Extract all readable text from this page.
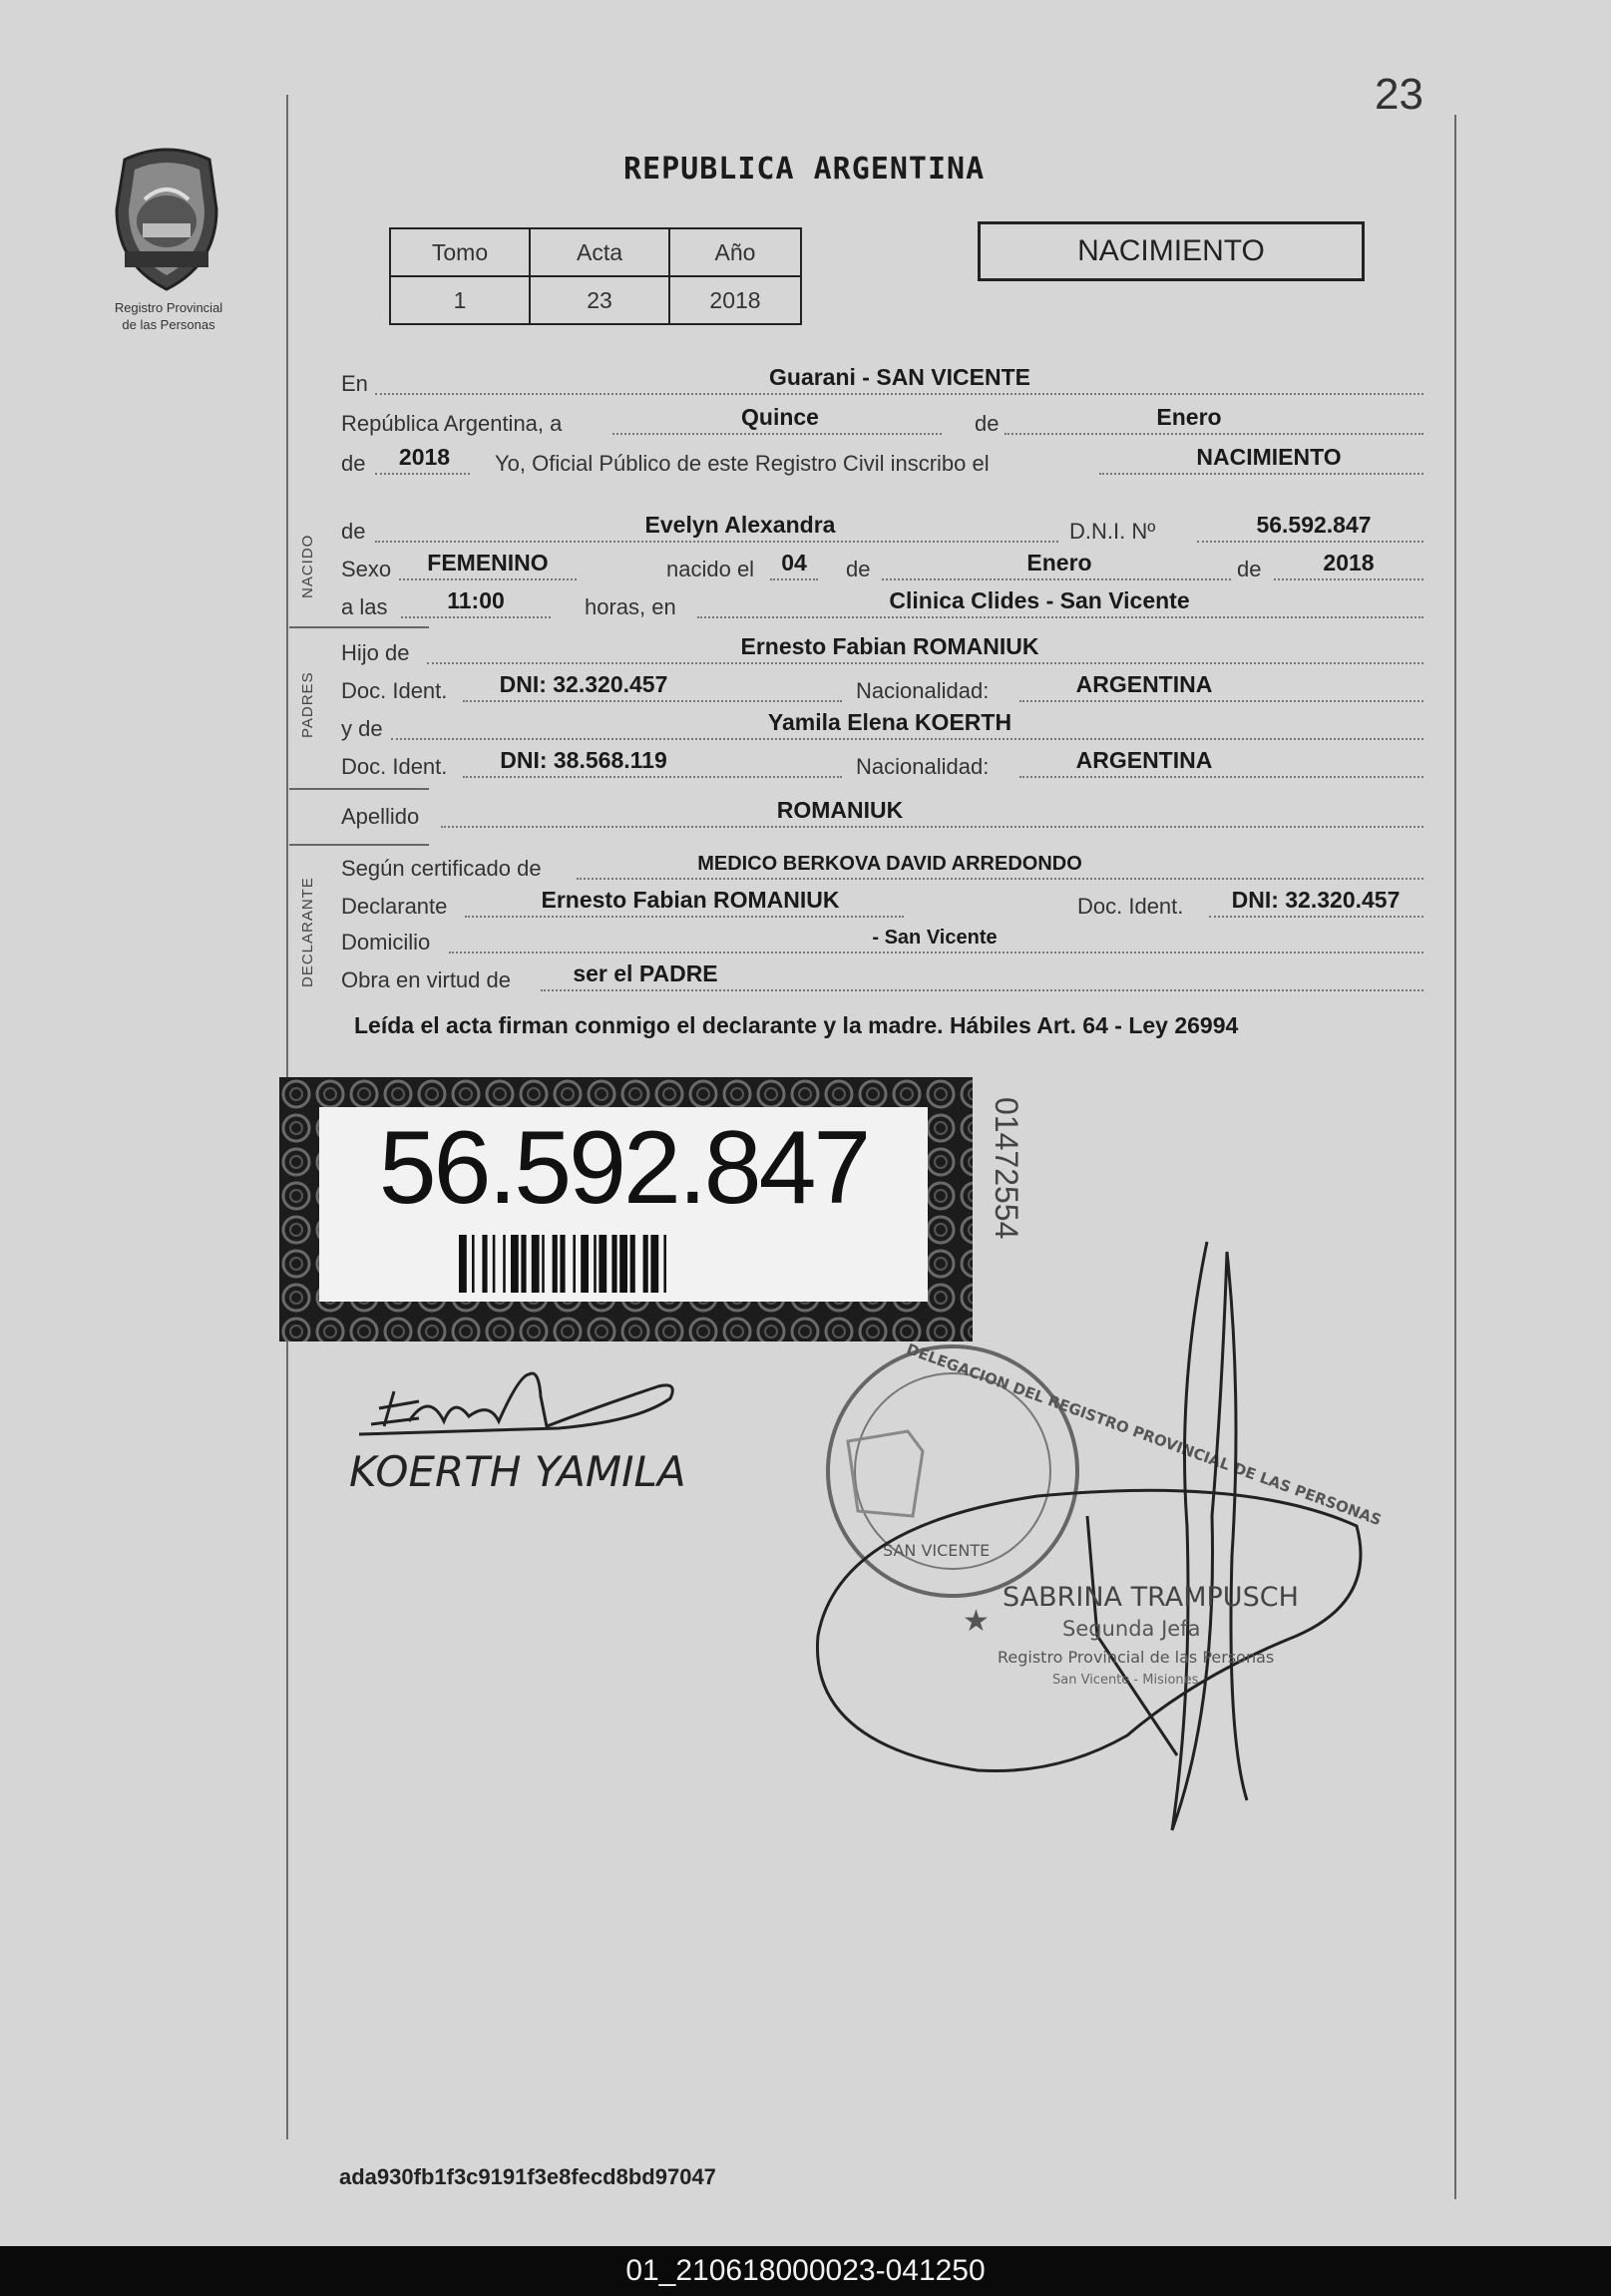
23
Registro Provincial
de las Personas
REPUBLICA ARGENTINA
Tomo	Acta	Año
1	23	2018
NACIMIENTO
En	Guarani - SAN VICENTE
República Argentina, a	Quince	de	Enero
de	2018	Yo, Oficial Público de este Registro Civil inscribo el	NACIMIENTO
NACIDO
de	Evelyn Alexandra	D.N.I. Nº	56.592.847
Sexo	FEMENINO	nacido el	04	de	Enero	de	2018
a las	11:00	horas, en	Clinica Clides - San Vicente
PADRES
Hijo de	Ernesto Fabian ROMANIUK
Doc. Ident.	DNI: 32.320.457	Nacionalidad:	ARGENTINA
y de	Yamila Elena KOERTH
Doc. Ident.	DNI: 38.568.119	Nacionalidad:	ARGENTINA
Apellido	ROMANIUK
DECLARANTE
Según certificado de	MEDICO BERKOVA DAVID ARREDONDO
Declarante	Ernesto Fabian ROMANIUK	Doc. Ident.	DNI: 32.320.457
Domicilio	- San Vicente
Obra en virtud de	ser el PADRE
Leída el acta firman conmigo el declarante y la madre. Hábiles Art. 64 - Ley 26994
56.592.847	01472554
KOERTH YAMILA	DELEGACION DEL REGISTRO PROVINCIAL DE LAS PERSONAS
SAN VICENTE
★
SABRINA TRAMPUSCH
Segunda Jefa
Registro Provincial de las Personas
San Vicente - Misiones
ada930fb1f3c9191f3e8fecd8bd97047
01_210618000023-041250
